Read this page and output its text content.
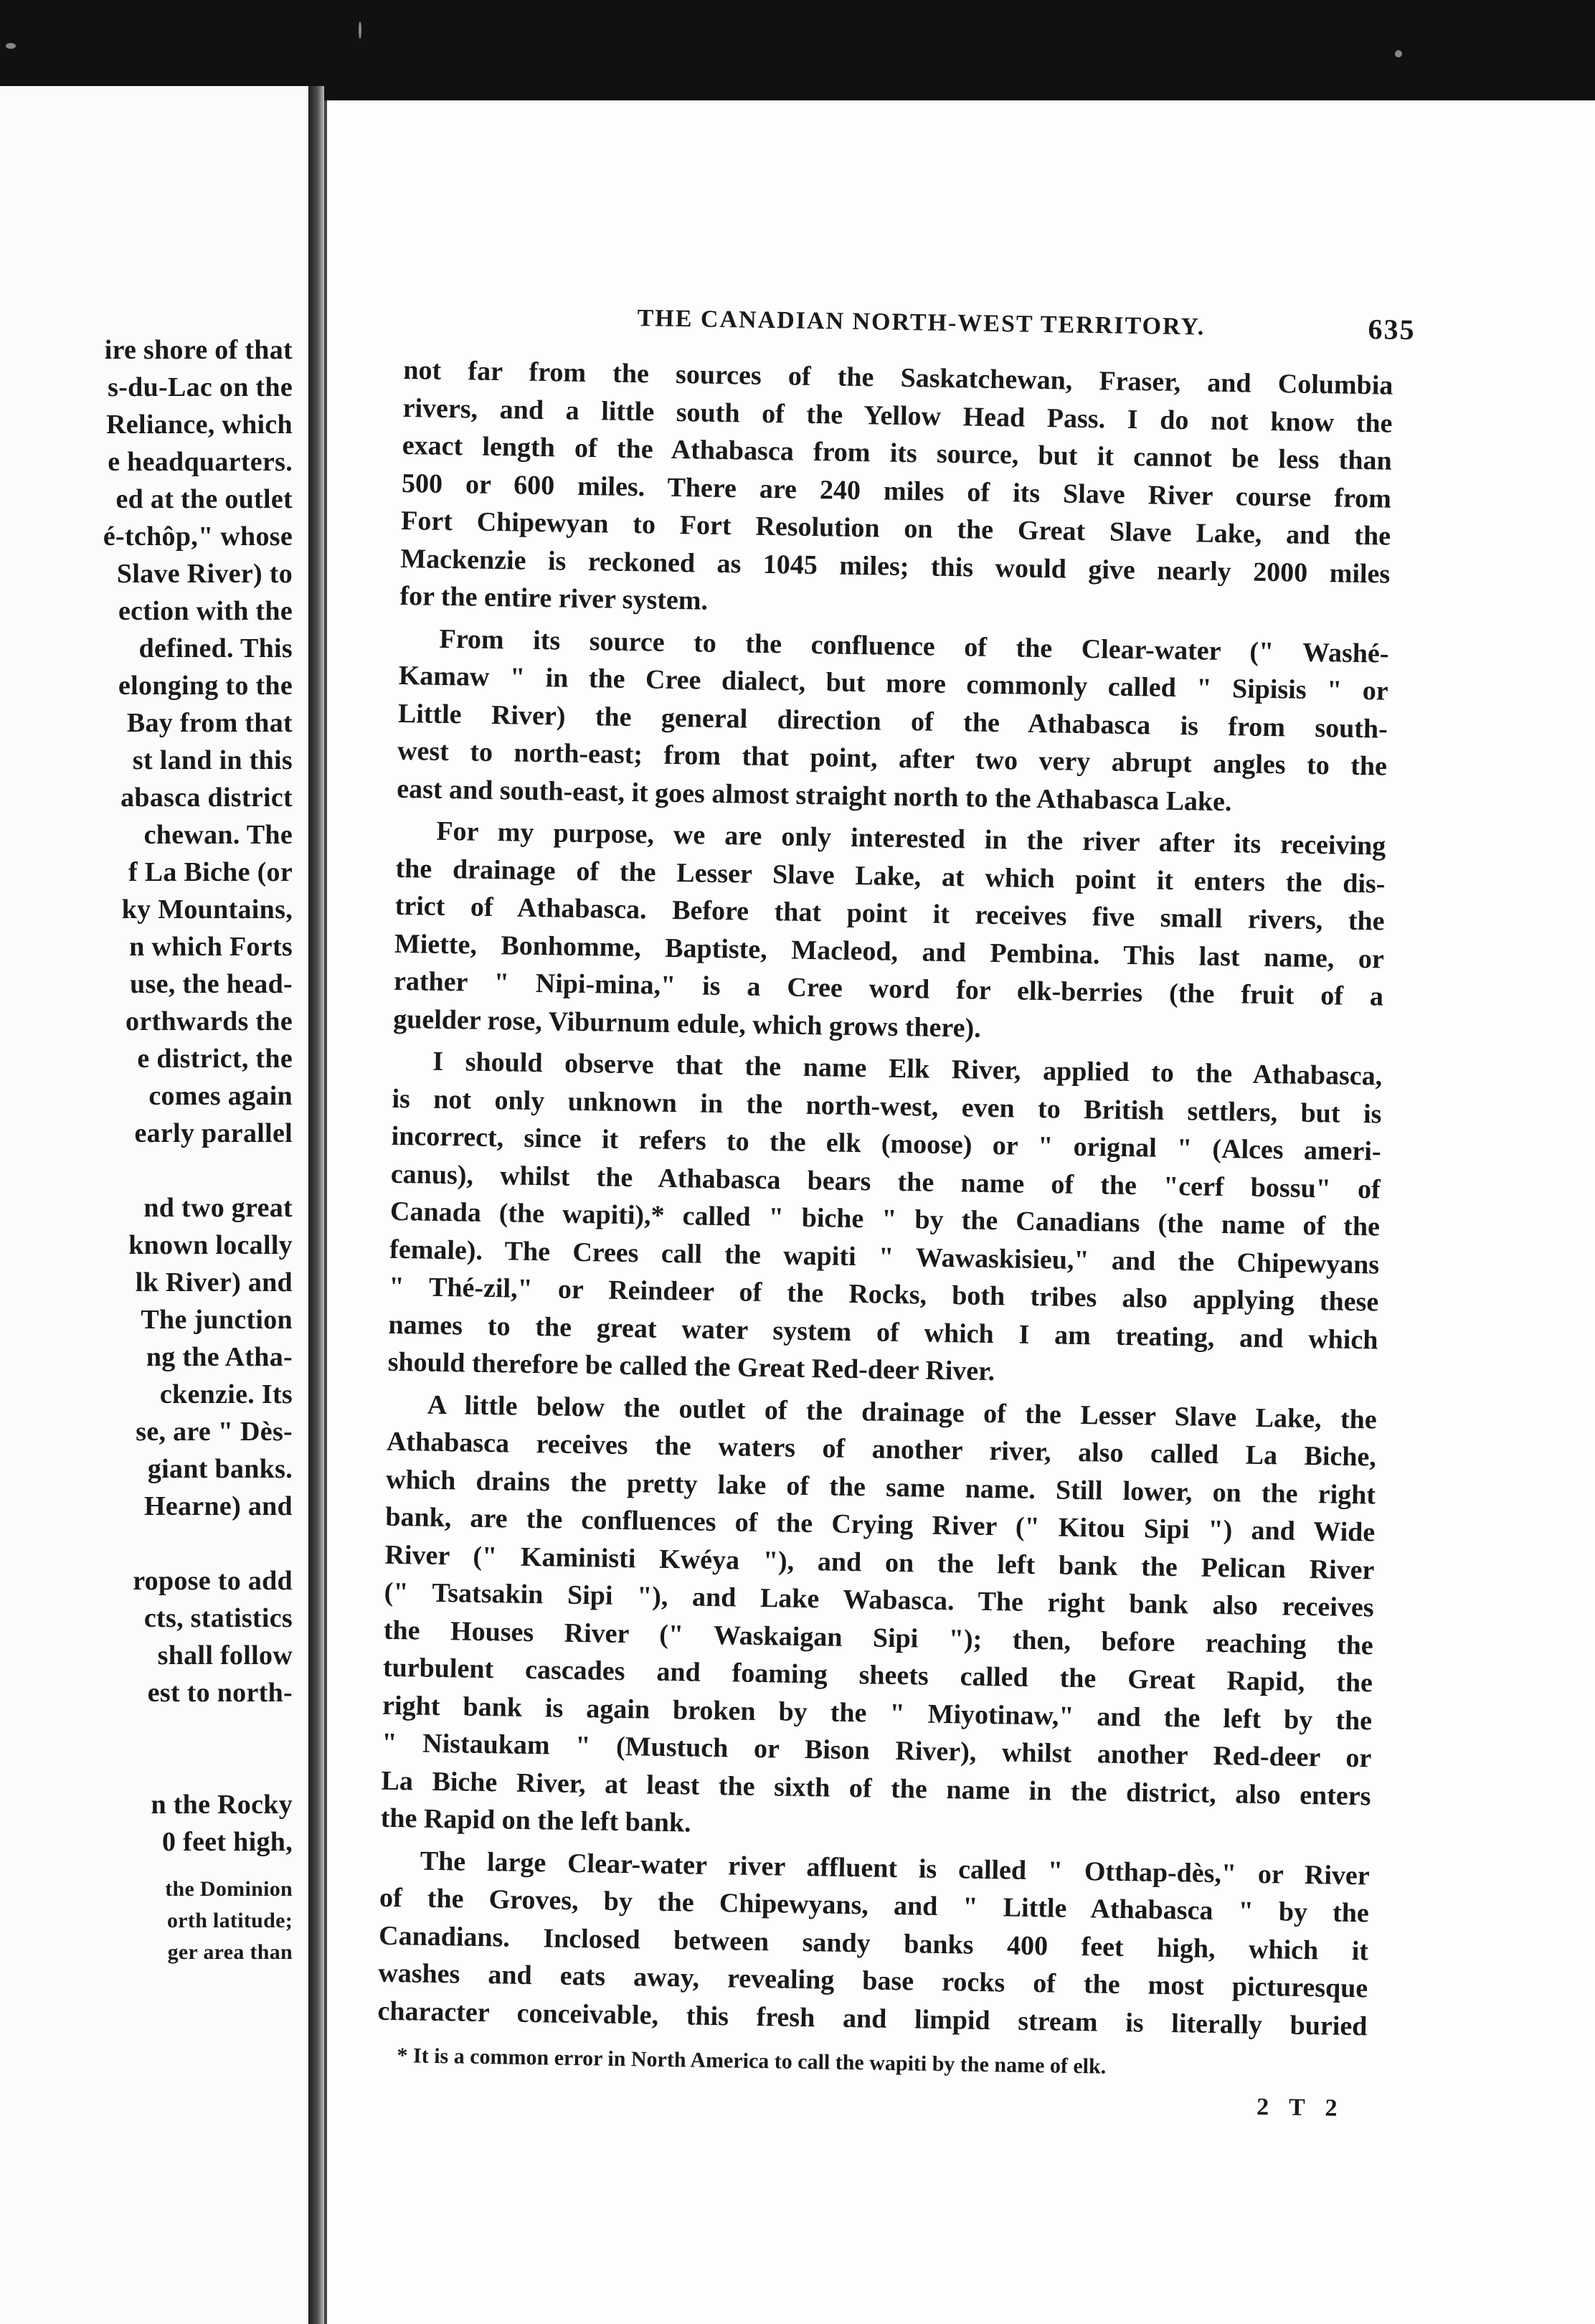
ire shore of that
s-du-Lac on the
Reliance, which
e headquarters.
ed at the outlet
é-tchôp," whose
Slave River) to
ection with the
defined. This
elonging to the
Bay from that
st land in this
abasca district
chewan. The
f La Biche (or
ky Mountains,
n which Forts
use, the head-
orthwards the
e district, the
comes again
early parallel

nd two great
known locally
lk River) and
The junction
ng the Atha-
ckenzie. Its
se, are " Dès-
giant banks.
Hearne) and

ropose to add
cts, statistics
shall follow
est to north-

n the Rocky
0 feet high,
the Dominion
orth latitude;
ger area than
THE CANADIAN NORTH-WEST TERRITORY.	635
not far from the sources of the Saskatchewan, Fraser, and Columbia
rivers, and a little south of the Yellow Head Pass. I do not know the
exact length of the Athabasca from its source, but it cannot be less than
500 or 600 miles. There are 240 miles of its Slave River course from
Fort Chipewyan to Fort Resolution on the Great Slave Lake, and the
Mackenzie is reckoned as 1045 miles; this would give nearly 2000 miles
for the entire river system.
From its source to the confluence of the Clear-water (" Washé-
Kamaw " in the Cree dialect, but more commonly called " Sipisis " or
Little River) the general direction of the Athabasca is from south-
west to north-east; from that point, after two very abrupt angles to the
east and south-east, it goes almost straight north to the Athabasca Lake.
For my purpose, we are only interested in the river after its receiving
the drainage of the Lesser Slave Lake, at which point it enters the dis-
trict of Athabasca. Before that point it receives five small rivers, the
Miette, Bonhomme, Baptiste, Macleod, and Pembina. This last name, or
rather " Nipi-mina," is a Cree word for elk-berries (the fruit of a
guelder rose, Viburnum edule, which grows there).
I should observe that the name Elk River, applied to the Athabasca,
is not only unknown in the north-west, even to British settlers, but is
incorrect, since it refers to the elk (moose) or " orignal " (Alces ameri-
canus), whilst the Athabasca bears the name of the "cerf bossu" of
Canada (the wapiti),* called " biche " by the Canadians (the name of the
female). The Crees call the wapiti " Wawaskisieu," and the Chipewyans
" Thé-zil," or Reindeer of the Rocks, both tribes also applying these
names to the great water system of which I am treating, and which
should therefore be called the Great Red-deer River.
A little below the outlet of the drainage of the Lesser Slave Lake, the
Athabasca receives the waters of another river, also called La Biche,
which drains the pretty lake of the same name. Still lower, on the right
bank, are the confluences of the Crying River (" Kitou Sipi ") and Wide
River (" Kaministi Kwéya "), and on the left bank the Pelican River
(" Tsatsakin Sipi "), and Lake Wabasca. The right bank also receives
the Houses River (" Waskaigan Sipi "); then, before reaching the
turbulent cascades and foaming sheets called the Great Rapid, the
right bank is again broken by the " Miyotinaw," and the left by the
" Nistaukam " (Mustuch or Bison River), whilst another Red-deer or
La Biche River, at least the sixth of the name in the district, also enters
the Rapid on the left bank.
The large Clear-water river affluent is called " Otthap-dès," or River
of the Groves, by the Chipewyans, and " Little Athabasca " by the
Canadians. Inclosed between sandy banks 400 feet high, which it
washes and eats away, revealing base rocks of the most picturesque
character conceivable, this fresh and limpid stream is literally buried
* It is a common error in North America to call the wapiti by the name of elk.
2 T 2
